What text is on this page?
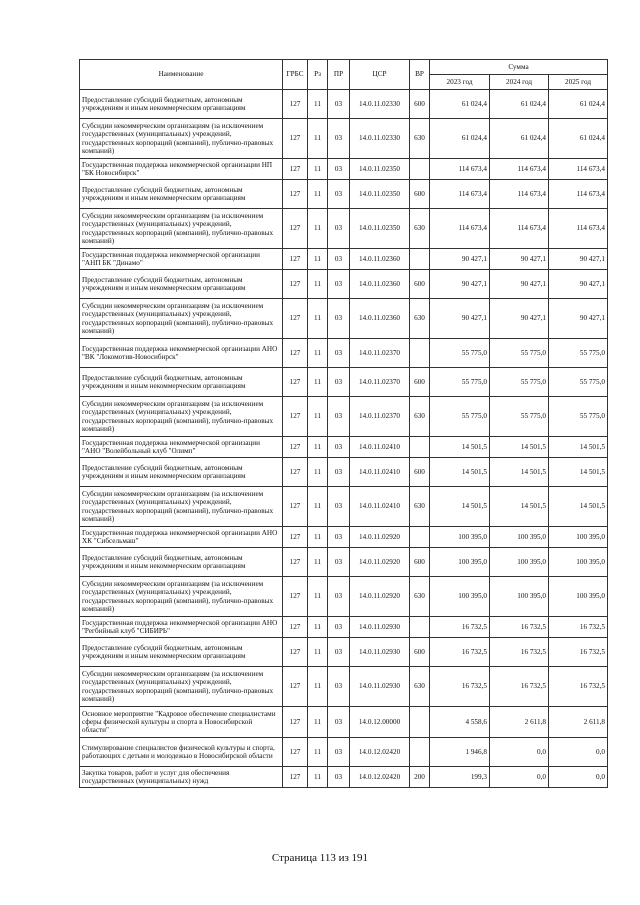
Наименование	ГРБС	Рз	ПР	ЦСР	ВР	Сумма		
						2023 год	2024 год	2025 год
Предоставление субсидий бюджетным, автономным учреждениям и иным некоммерческим организациям	127	11	03	14.0.11.02330	600	61 024,4	61 024,4	61 024,4
Субсидии некоммерческим организациям (за исключением государственных (муниципальных) учреждений, государственных корпораций (компаний), публично-правовых компаний)	127	11	03	14.0.11.02330	630	61 024,4	61 024,4	61 024,4
Государственная поддержка некоммерческой организации НП "БК Новосибирск"	127	11	03	14.0.11.02350		114 673,4	114 673,4	114 673,4
Предоставление субсидий бюджетным, автономным учреждениям и иным некоммерческим организациям	127	11	03	14.0.11.02350	600	114 673,4	114 673,4	114 673,4
Субсидии некоммерческим организациям (за исключением государственных (муниципальных) учреждений, государственных корпораций (компаний), публично-правовых компаний)	127	11	03	14.0.11.02350	630	114 673,4	114 673,4	114 673,4
Государственная поддержка некоммерческой организации "АНП БК "Динамо"	127	11	03	14.0.11.02360		90 427,1	90 427,1	90 427,1
Предоставление субсидий бюджетным, автономным учреждениям и иным некоммерческим организациям	127	11	03	14.0.11.02360	600	90 427,1	90 427,1	90 427,1
Субсидии некоммерческим организациям (за исключением государственных (муниципальных) учреждений, государственных корпораций (компаний), публично-правовых компаний)	127	11	03	14.0.11.02360	630	90 427,1	90 427,1	90 427,1
Государственная поддержка некоммерческой организации АНО "ВК "Локомотив-Новосибирск"	127	11	03	14.0.11.02370		55 775,0	55 775,0	55 775,0
Предоставление субсидий бюджетным, автономным учреждениям и иным некоммерческим организациям	127	11	03	14.0.11.02370	600	55 775,0	55 775,0	55 775,0
Субсидии некоммерческим организациям (за исключением государственных (муниципальных) учреждений, государственных корпораций (компаний), публично-правовых компаний)	127	11	03	14.0.11.02370	630	55 775,0	55 775,0	55 775,0
Государственная поддержка некоммерческой организации "АНО "Волейбольный клуб "Олимп"	127	11	03	14.0.11.02410		14 501,5	14 501,5	14 501,5
Предоставление субсидий бюджетным, автономным учреждениям и иным некоммерческим организациям	127	11	03	14.0.11.02410	600	14 501,5	14 501,5	14 501,5
Субсидии некоммерческим организациям (за исключением государственных (муниципальных) учреждений, государственных корпораций (компаний), публично-правовых компаний)	127	11	03	14.0.11.02410	630	14 501,5	14 501,5	14 501,5
Государственная поддержка некоммерческой организации АНО ХК "Сибсельмаш"	127	11	03	14.0.11.02920		100 395,0	100 395,0	100 395,0
Предоставление субсидий бюджетным, автономным учреждениям и иным некоммерческим организациям	127	11	03	14.0.11.02920	600	100 395,0	100 395,0	100 395,0
Субсидии некоммерческим организациям (за исключением государственных (муниципальных) учреждений, государственных корпораций (компаний), публично-правовых компаний)	127	11	03	14.0.11.02920	630	100 395,0	100 395,0	100 395,0
Государственная поддержка некоммерческой организации АНО "Регбийный клуб "СИБИРЬ"	127	11	03	14.0.11.02930		16 732,5	16 732,5	16 732,5
Предоставление субсидий бюджетным, автономным учреждениям и иным некоммерческим организациям	127	11	03	14.0.11.02930	600	16 732,5	16 732,5	16 732,5
Субсидии некоммерческим организациям (за исключением государственных (муниципальных) учреждений, государственных корпораций (компаний), публично-правовых компаний)	127	11	03	14.0.11.02930	630	16 732,5	16 732,5	16 732,5
Основное мероприятие "Кадровое обеспечение специалистами сферы физической культуры и спорта в Новосибирской области"	127	11	03	14.0.12.00000		4 558,6	2 611,8	2 611,8
Стимулирование специалистов физической культуры и спорта, работающих с детьми и молодежью в Новосибирской области	127	11	03	14.0.12.02420		1 946,8	0,0	0,0
Закупка товаров, работ и услуг для обеспечения государственных (муниципальных) нужд	127	11	03	14.0.12.02420	200	199,3	0,0	0,0
Страница 113 из 191
